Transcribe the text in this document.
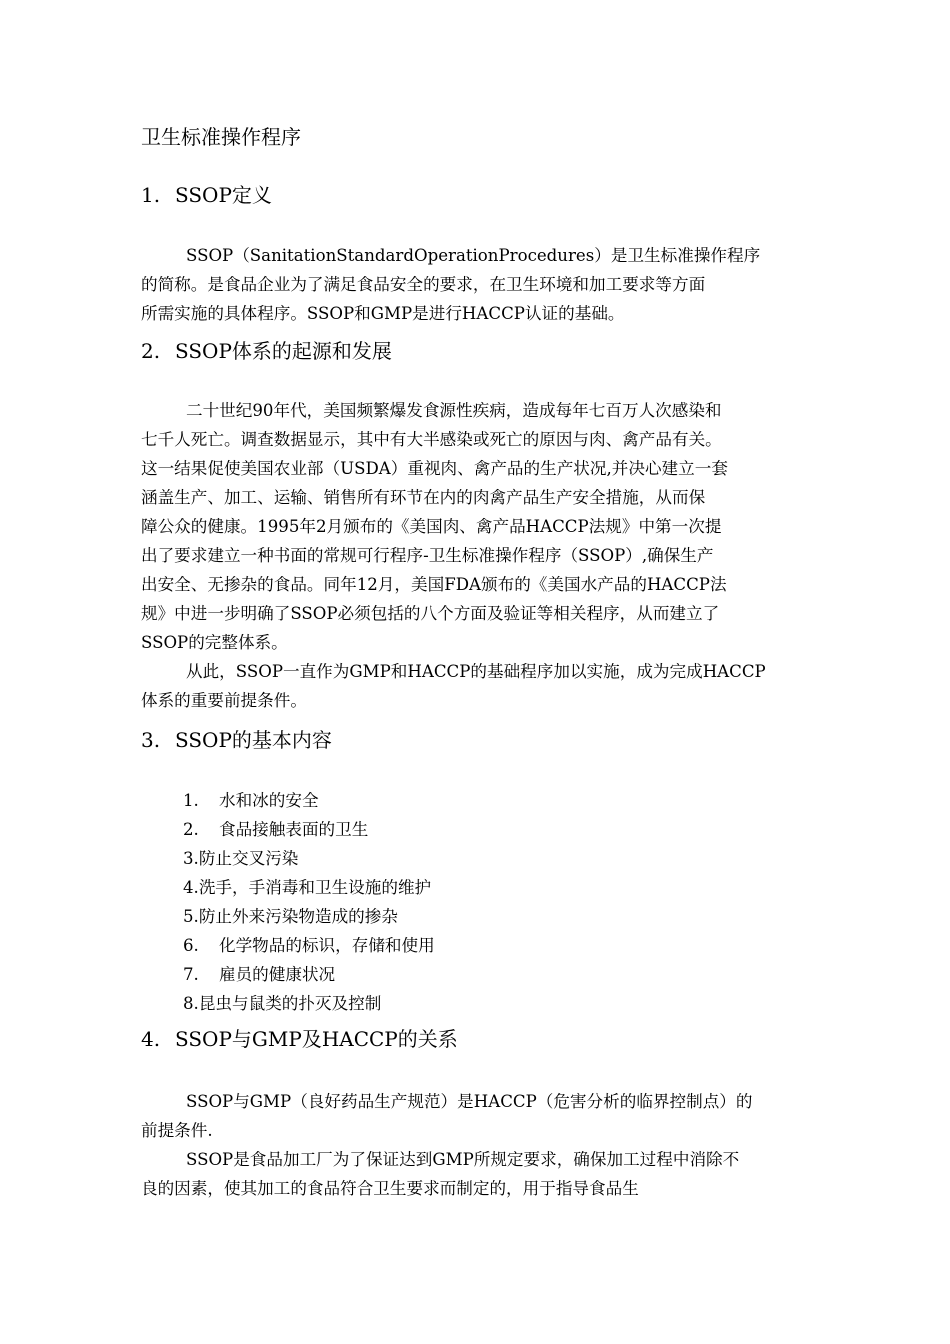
卫生标准操作程序
1. SSOP定义
SSOP（SanitationStandardOperationProcedures）是卫生标准操作程序
的简称。是食品企业为了满足食品安全的要求，在卫生环境和加工要求等方面
所需实施的具体程序。SSOP和GMP是进行HACCP认证的基础。
2. SSOP体系的起源和发展
二十世纪90年代，美国频繁爆发食源性疾病，造成每年七百万人次感染和
七千人死亡。调查数据显示，其中有大半感染或死亡的原因与肉、禽产品有关。
这一结果促使美国农业部（USDA）重视肉、禽产品的生产状况,并决心建立一套
涵盖生产、加工、运输、销售所有环节在内的肉禽产品生产安全措施，从而保
障公众的健康。1995年2月颁布的《美国肉、禽产品HACCP法规》中第一次提
出了要求建立一种书面的常规可行程序-卫生标准操作程序（SSOP）,确保生产
出安全、无掺杂的食品。同年12月，美国FDA颁布的《美国水产品的HACCP法
规》中进一步明确了SSOP必须包括的八个方面及验证等相关程序，从而建立了
SSOP的完整体系。
从此，SSOP一直作为GMP和HACCP的基础程序加以实施，成为完成HACCP
体系的重要前提条件。
3. SSOP的基本内容
1. 水和冰的安全
2. 食品接触表面的卫生
3.防止交叉污染
4.洗手，手消毒和卫生设施的维护
5.防止外来污染物造成的掺杂
6. 化学物品的标识，存储和使用
7. 雇员的健康状况
8.昆虫与鼠类的扑灭及控制
4. SSOP与GMP及HACCP的关系
SSOP与GMP（良好药品生产规范）是HACCP（危害分析的临界控制点）的
前提条件.
SSOP是食品加工厂为了保证达到GMP所规定要求，确保加工过程中消除不
良的因素，使其加工的食品符合卫生要求而制定的，用于指导食品生
